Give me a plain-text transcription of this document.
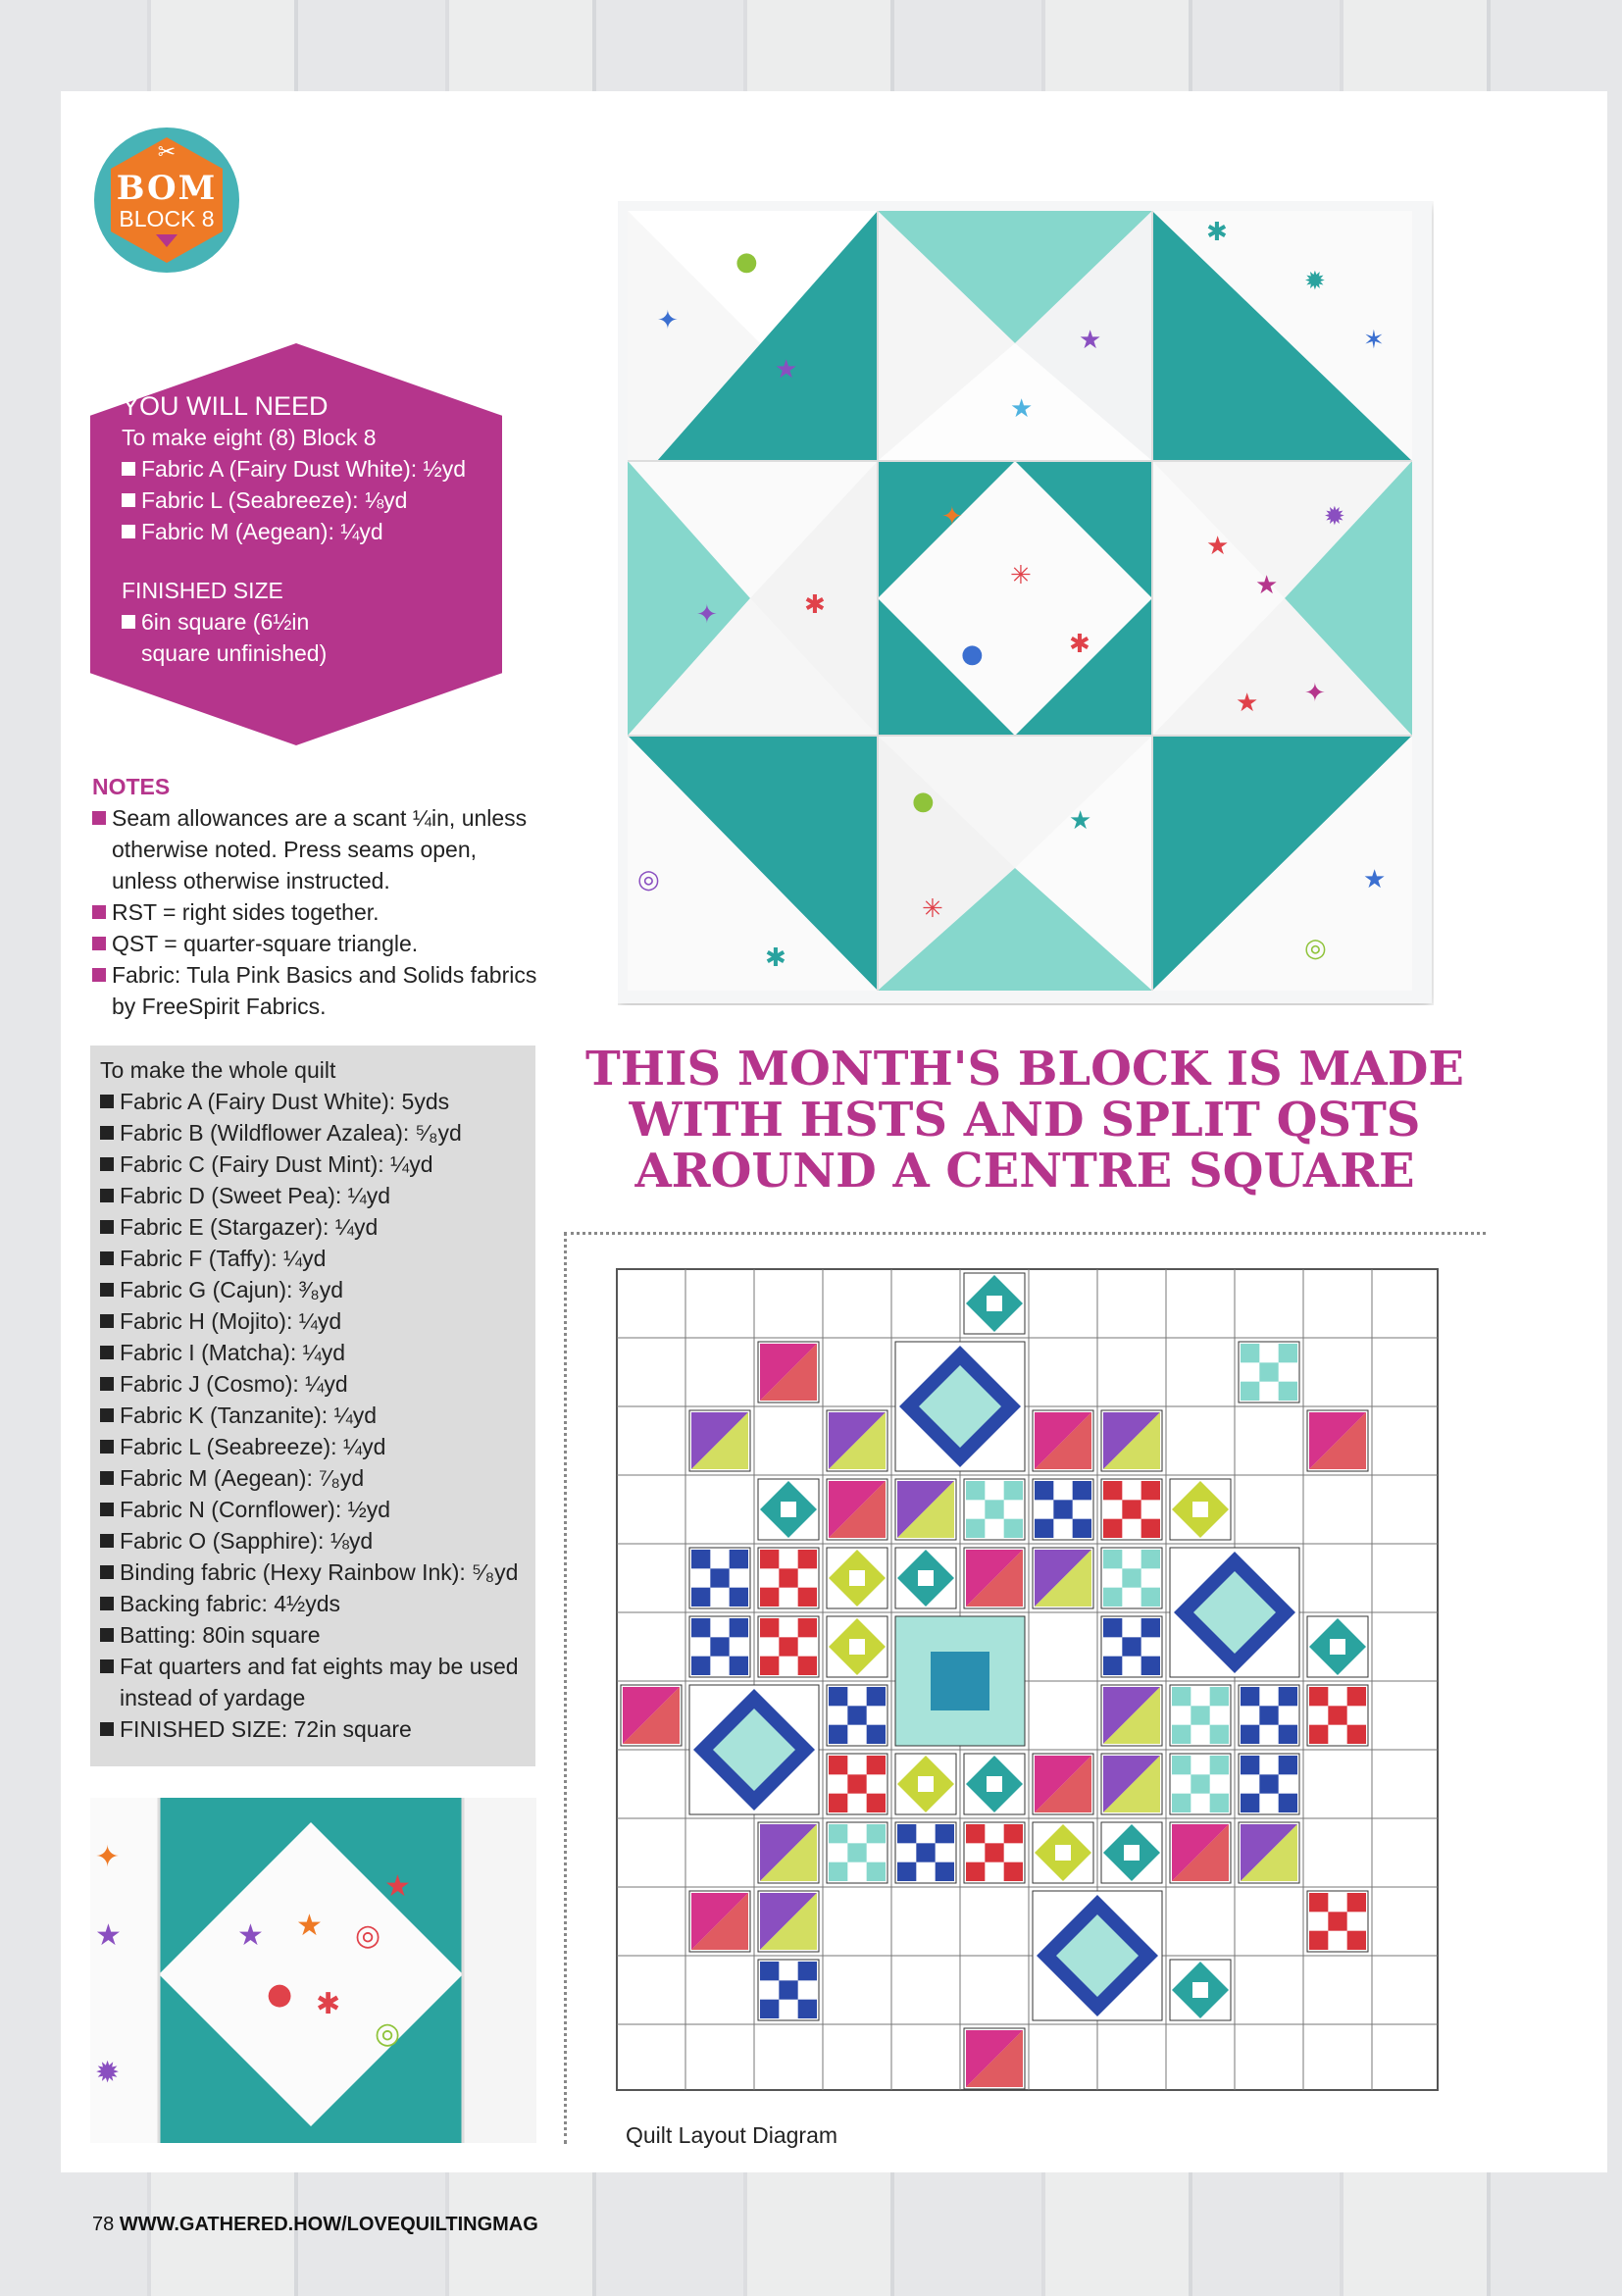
✂
BOM
BLOCK 8
YOU WILL NEED
To make eight (8) Block 8
Fabric A (Fairy Dust White): ½yd
Fabric L (Seabreeze): ⅛yd
Fabric M (Aegean): ¼yd
FINISHED SIZE
6in square (6½in
square unfinished)
NOTES
Seam allowances are a scant ¼in, unless otherwise noted. Press seams open, unless otherwise instructed.
RST = right sides together.
QST = quarter-square triangle.
Fabric: Tula Pink Basics and Solids fabrics by FreeSpirit Fabrics.
To make the whole quilt
Fabric A (Fairy Dust White): 5yds
Fabric B (Wildflower Azalea): ⁵⁄₈yd
Fabric C (Fairy Dust Mint): ¼yd
Fabric D (Sweet Pea): ¼yd
Fabric E (Stargazer): ¼yd
Fabric F (Taffy): ¼yd
Fabric G (Cajun): ³⁄₈yd
Fabric H (Mojito): ¼yd
Fabric I (Matcha): ¼yd
Fabric J (Cosmo): ¼yd
Fabric K (Tanzanite): ¼yd
Fabric L (Seabreeze): ¼yd
Fabric M (Aegean): ⁷⁄₈yd
Fabric N (Cornflower): ½yd
Fabric O (Sapphire): ⅛yd
Binding fabric (Hexy Rainbow Ink): ⁵⁄₈yd
Backing fabric: 4½yds
Batting: 80in square
Fat quarters and fat eights may be used instead of yardage
FINISHED SIZE: 72in square
✦
●
✱
✹
✶
★
★
★
✦
✳
✱
●
★
★
✹
✦	✱
★ ✦
◎
●
★
✱
★
◎
✳
THIS MONTH'S BLOCK IS MADE
WITH HSTS AND SPLIT QSTS
AROUND A CENTRE SQUARE
Quilt Layout Diagram
★ ★ ◎
★
✱
●
◎
✦
★
✹
78 WWW.GATHERED.HOW/LOVEQUILTINGMAG
